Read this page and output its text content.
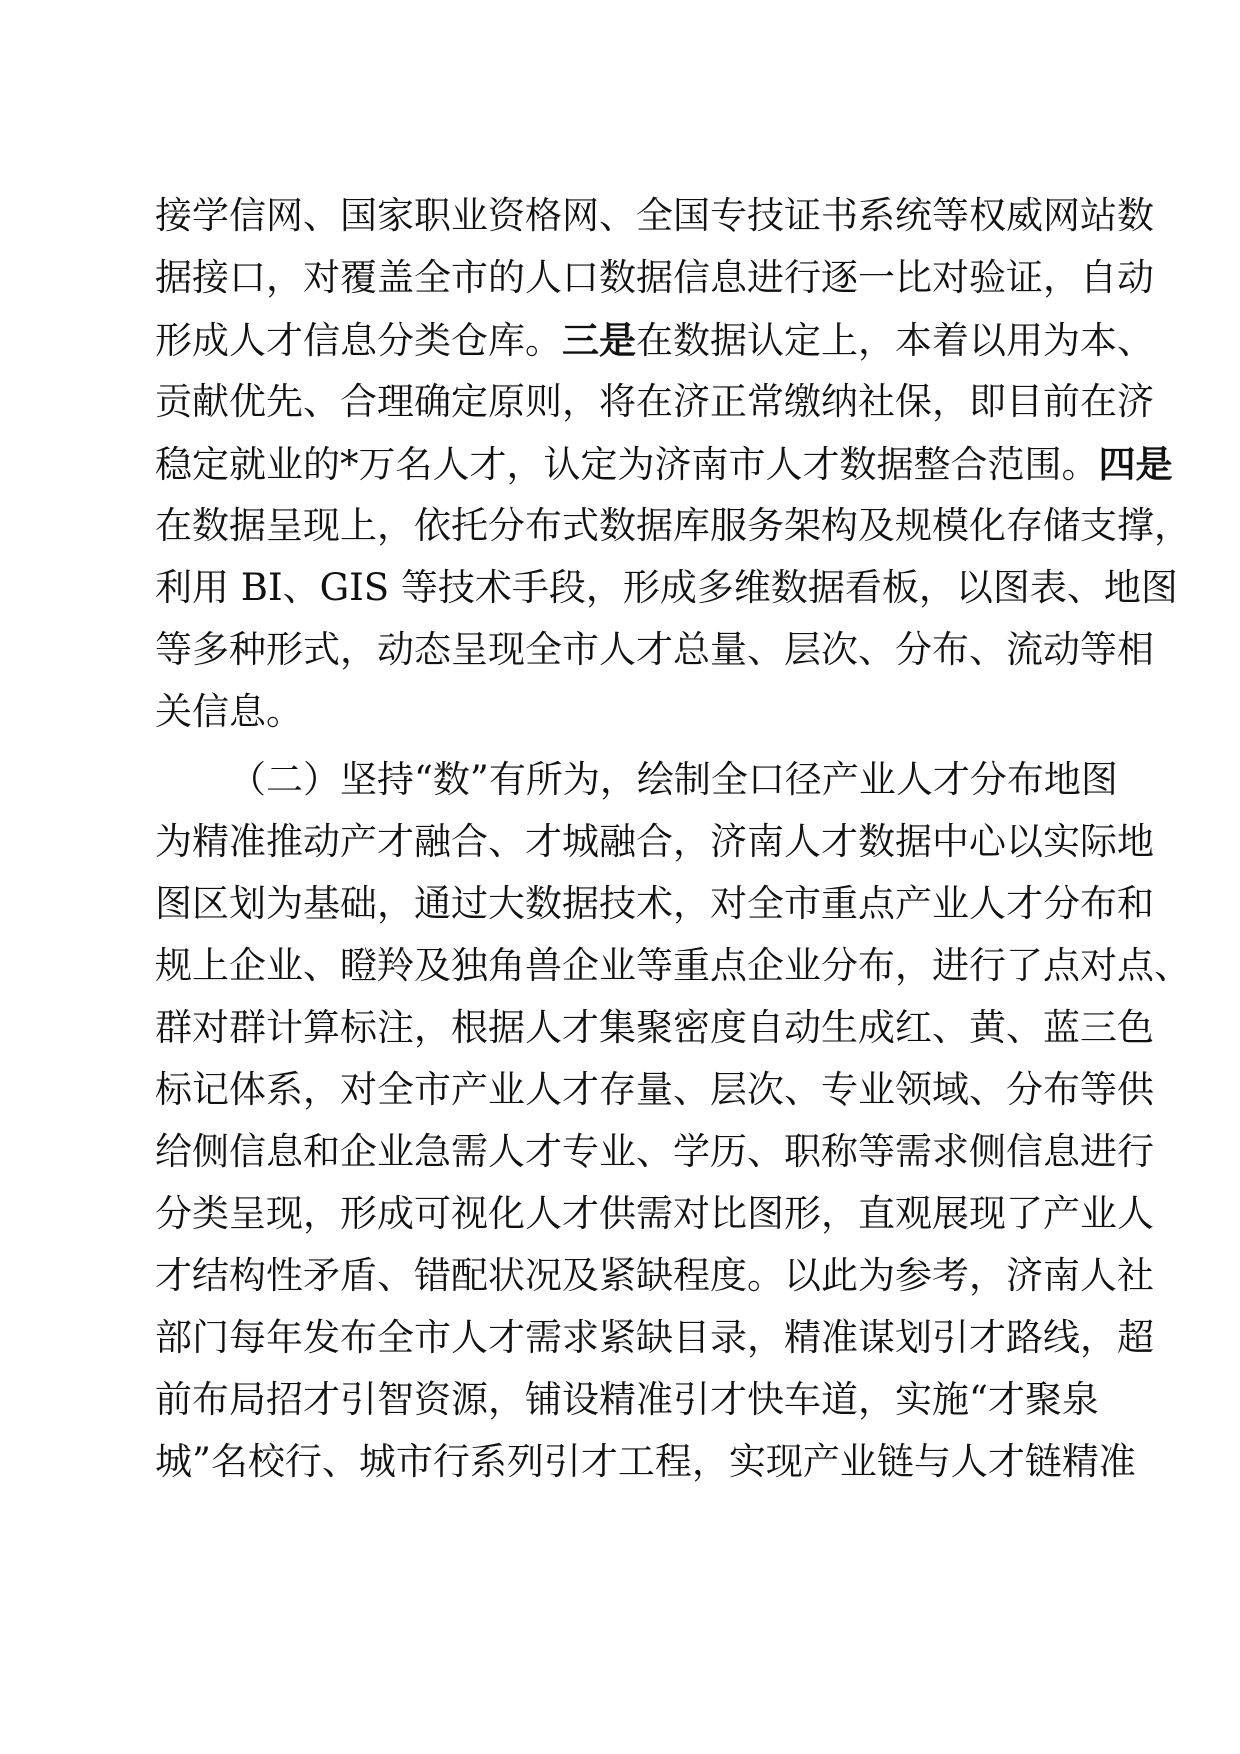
接学信网、国家职业资格网、全国专技证书系统等权威网站数
据接口，对覆盖全市的人口数据信息进行逐一比对验证，自动
形成人才信息分类仓库。三是在数据认定上，本着以用为本、
贡献优先、合理确定原则，将在济正常缴纳社保，即目前在济
稳定就业的*万名人才，认定为济南市人才数据整合范围。四是
在数据呈现上，依托分布式数据库服务架构及规模化存储支撑，
利用 BI、GIS 等技术手段，形成多维数据看板，以图表、地图
等多种形式，动态呈现全市人才总量、层次、分布、流动等相
关信息。
（二）坚持“数”有所为，绘制全口径产业人才分布地图
为精准推动产才融合、才城融合，济南人才数据中心以实际地
图区划为基础，通过大数据技术，对全市重点产业人才分布和
规上企业、瞪羚及独角兽企业等重点企业分布，进行了点对点、
群对群计算标注，根据人才集聚密度自动生成红、黄、蓝三色
标记体系，对全市产业人才存量、层次、专业领域、分布等供
给侧信息和企业急需人才专业、学历、职称等需求侧信息进行
分类呈现，形成可视化人才供需对比图形，直观展现了产业人
才结构性矛盾、错配状况及紧缺程度。以此为参考，济南人社
部门每年发布全市人才需求紧缺目录，精准谋划引才路线，超
前布局招才引智资源，铺设精准引才快车道，实施“才聚泉
城”名校行、城市行系列引才工程，实现产业链与人才链精准
